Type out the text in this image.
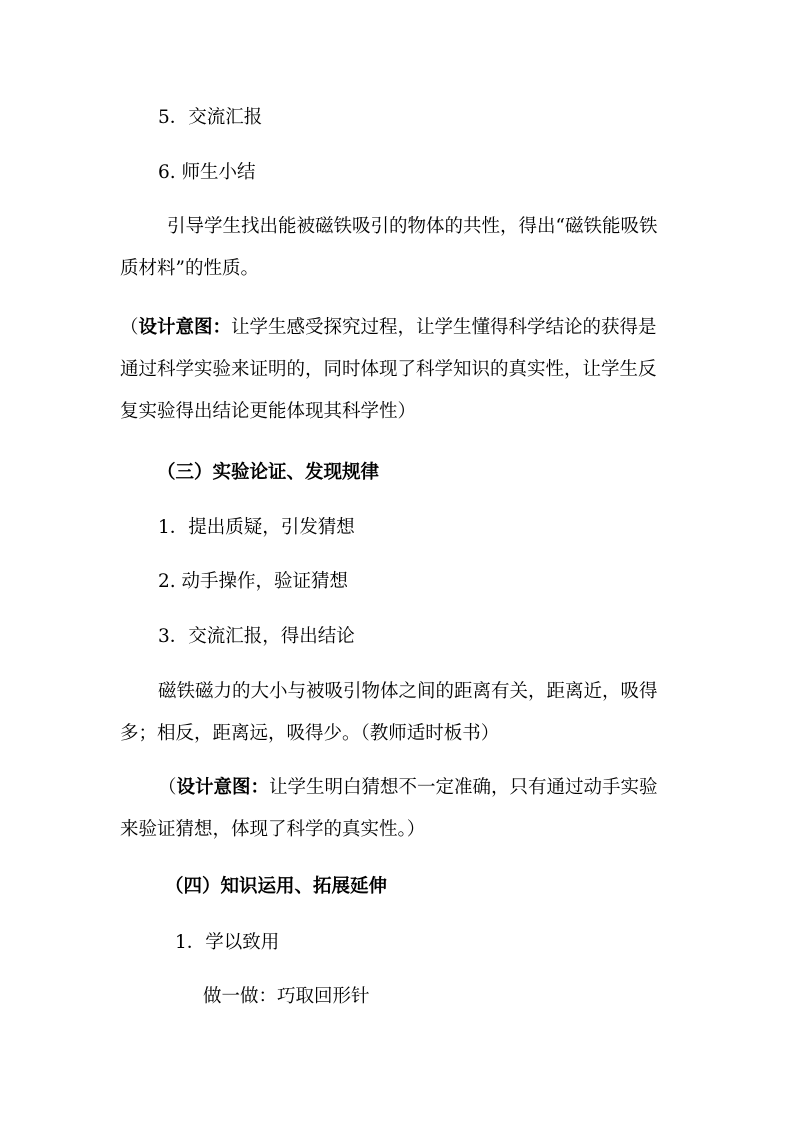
5．交流汇报
6. 师生小结
引导学生找出能被磁铁吸引的物体的共性，得出“磁铁能吸铁
质材料”的性质。
（设计意图：让学生感受探究过程，让学生懂得科学结论的获得是
通过科学实验来证明的，同时体现了科学知识的真实性，让学生反
复实验得出结论更能体现其科学性）
（三）实验论证、发现规律
1．提出质疑，引发猜想
2. 动手操作，验证猜想
3．交流汇报，得出结论
磁铁磁力的大小与被吸引物体之间的距离有关，距离近，吸得
多；相反，距离远，吸得少。（教师适时板书）
（设计意图：让学生明白猜想不一定准确，只有通过动手实验
来验证猜想，体现了科学的真实性。）
（四）知识运用、拓展延伸
1．学以致用
做一做：巧取回形针
